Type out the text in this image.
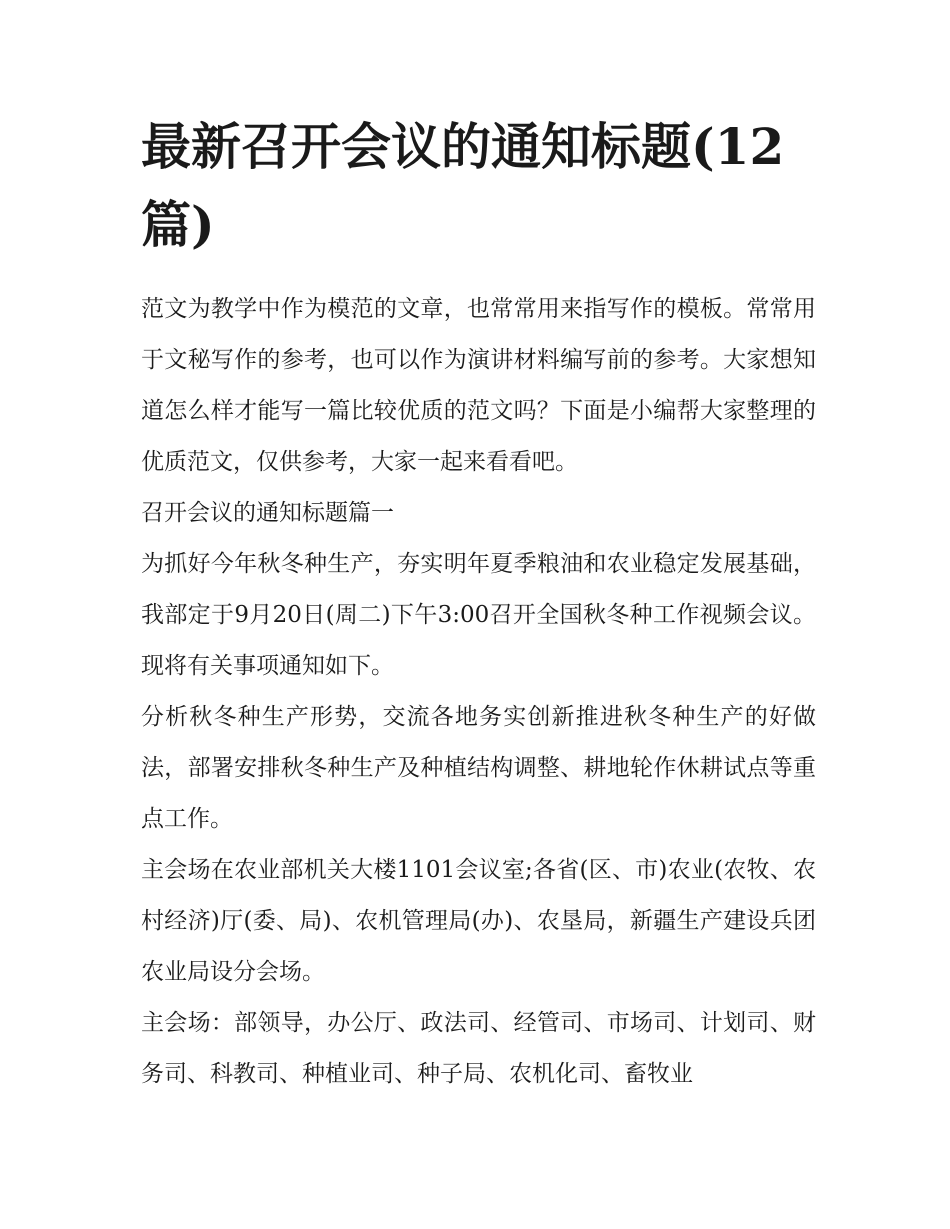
最新召开会议的通知标题(12篇)

范文为教学中作为模范的文章，也常常用来指写作的模板。常常用于文秘写作的参考，也可以作为演讲材料编写前的参考。大家想知道怎么样才能写一篇比较优质的范文吗？下面是小编帮大家整理的优质范文，仅供参考，大家一起来看看吧。

召开会议的通知标题篇一

为抓好今年秋冬种生产，夯实明年夏季粮油和农业稳定发展基础，我部定于9月20日(周二)下午3:00召开全国秋冬种工作视频会议。现将有关事项通知如下。

分析秋冬种生产形势，交流各地务实创新推进秋冬种生产的好做法，部署安排秋冬种生产及种植结构调整、耕地轮作休耕试点等重点工作。

主会场在农业部机关大楼1101会议室;各省(区、市)农业(农牧、农村经济)厅(委、局)、农机管理局(办)、农垦局，新疆生产建设兵团农业局设分会场。

主会场：部领导，办公厅、政法司、经管司、市场司、计划司、财务司、科教司、种植业司、种子局、农机化司、畜牧业
